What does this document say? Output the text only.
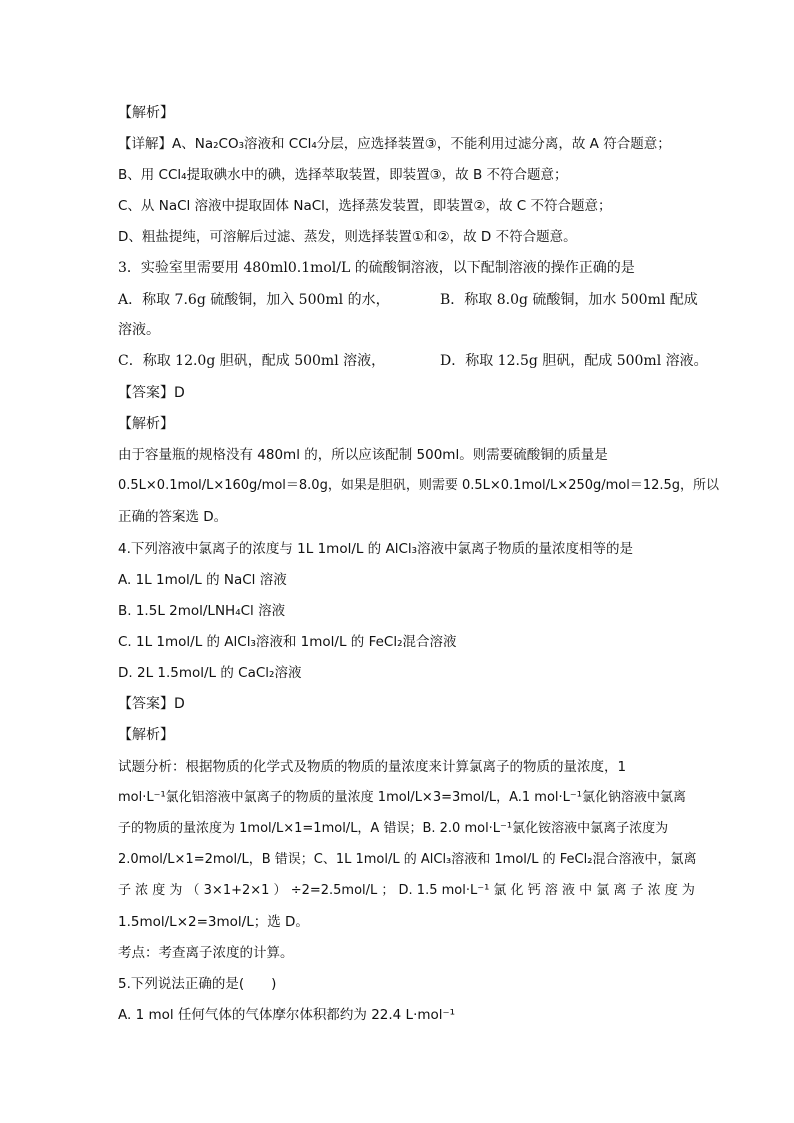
【解析】
【详解】A、Na₂CO₃溶液和 CCl₄分层，应选择装置③，不能利用过滤分离，故 A 符合题意；
B、用 CCl₄提取碘水中的碘，选择萃取装置，即装置③，故 B 不符合题意；
C、从 NaCl 溶液中提取固体 NaCl，选择蒸发装置，即装置②，故 C 不符合题意；
D、粗盐提纯，可溶解后过滤、蒸发，则选择装置①和②，故 D 不符合题意。
3．实验室里需要用 480ml0.1mol/L 的硫酸铜溶液，以下配制溶液的操作正确的是
A．称取 7.6g 硫酸铜，加入 500ml 的水，	B．称取 8.0g 硫酸铜，加水 500ml 配成
溶液。
C．称取 12.0g 胆矾，配成 500ml 溶液，	D．称取 12.5g 胆矾，配成 500ml 溶液。
【答案】D
【解析】
由于容量瓶的规格没有 480ml 的，所以应该配制 500ml。则需要硫酸铜的质量是
0.5L×0.1mol/L×160g/mol＝8.0g，如果是胆矾，则需要 0.5L×0.1mol/L×250g/mol＝12.5g，所以
正确的答案选 D。
4.下列溶液中氯离子的浓度与 1L 1mol/L 的 AlCl₃溶液中氯离子物质的量浓度相等的是
A. 1L 1mol/L 的 NaCl 溶液
B. 1.5L 2mol/LNH₄Cl 溶液
C. 1L 1mol/L 的 AlCl₃溶液和 1mol/L 的 FeCl₂混合溶液
D. 2L 1.5mol/L 的 CaCl₂溶液
【答案】D
【解析】
试题分析：根据物质的化学式及物质的物质的量浓度来计算氯离子的物质的量浓度，1
mol·L⁻¹氯化铝溶液中氯离子的物质的量浓度 1mol/L×3=3mol/L，A.1 mol·L⁻¹氯化钠溶液中氯离
子的物质的量浓度为 1mol/L×1=1mol/L，A 错误；B. 2.0 mol·L⁻¹氯化铵溶液中氯离子浓度为
2.0mol/L×1=2mol/L，B 错误；C、1L 1mol/L 的 AlCl₃溶液和 1mol/L 的 FeCl₂混合溶液中，氯离
子 浓 度 为 （ 3×1+2×1 ） ÷2=2.5mol/L ； D. 1.5 mol·L⁻¹ 氯 化 钙 溶 液 中 氯 离 子 浓 度 为
1.5mol/L×2=3mol/L；选 D。
考点：考查离子浓度的计算。
5.下列说法正确的是(　　)
A. 1 mol 任何气体的气体摩尔体积都约为 22.4 L·mol⁻¹
